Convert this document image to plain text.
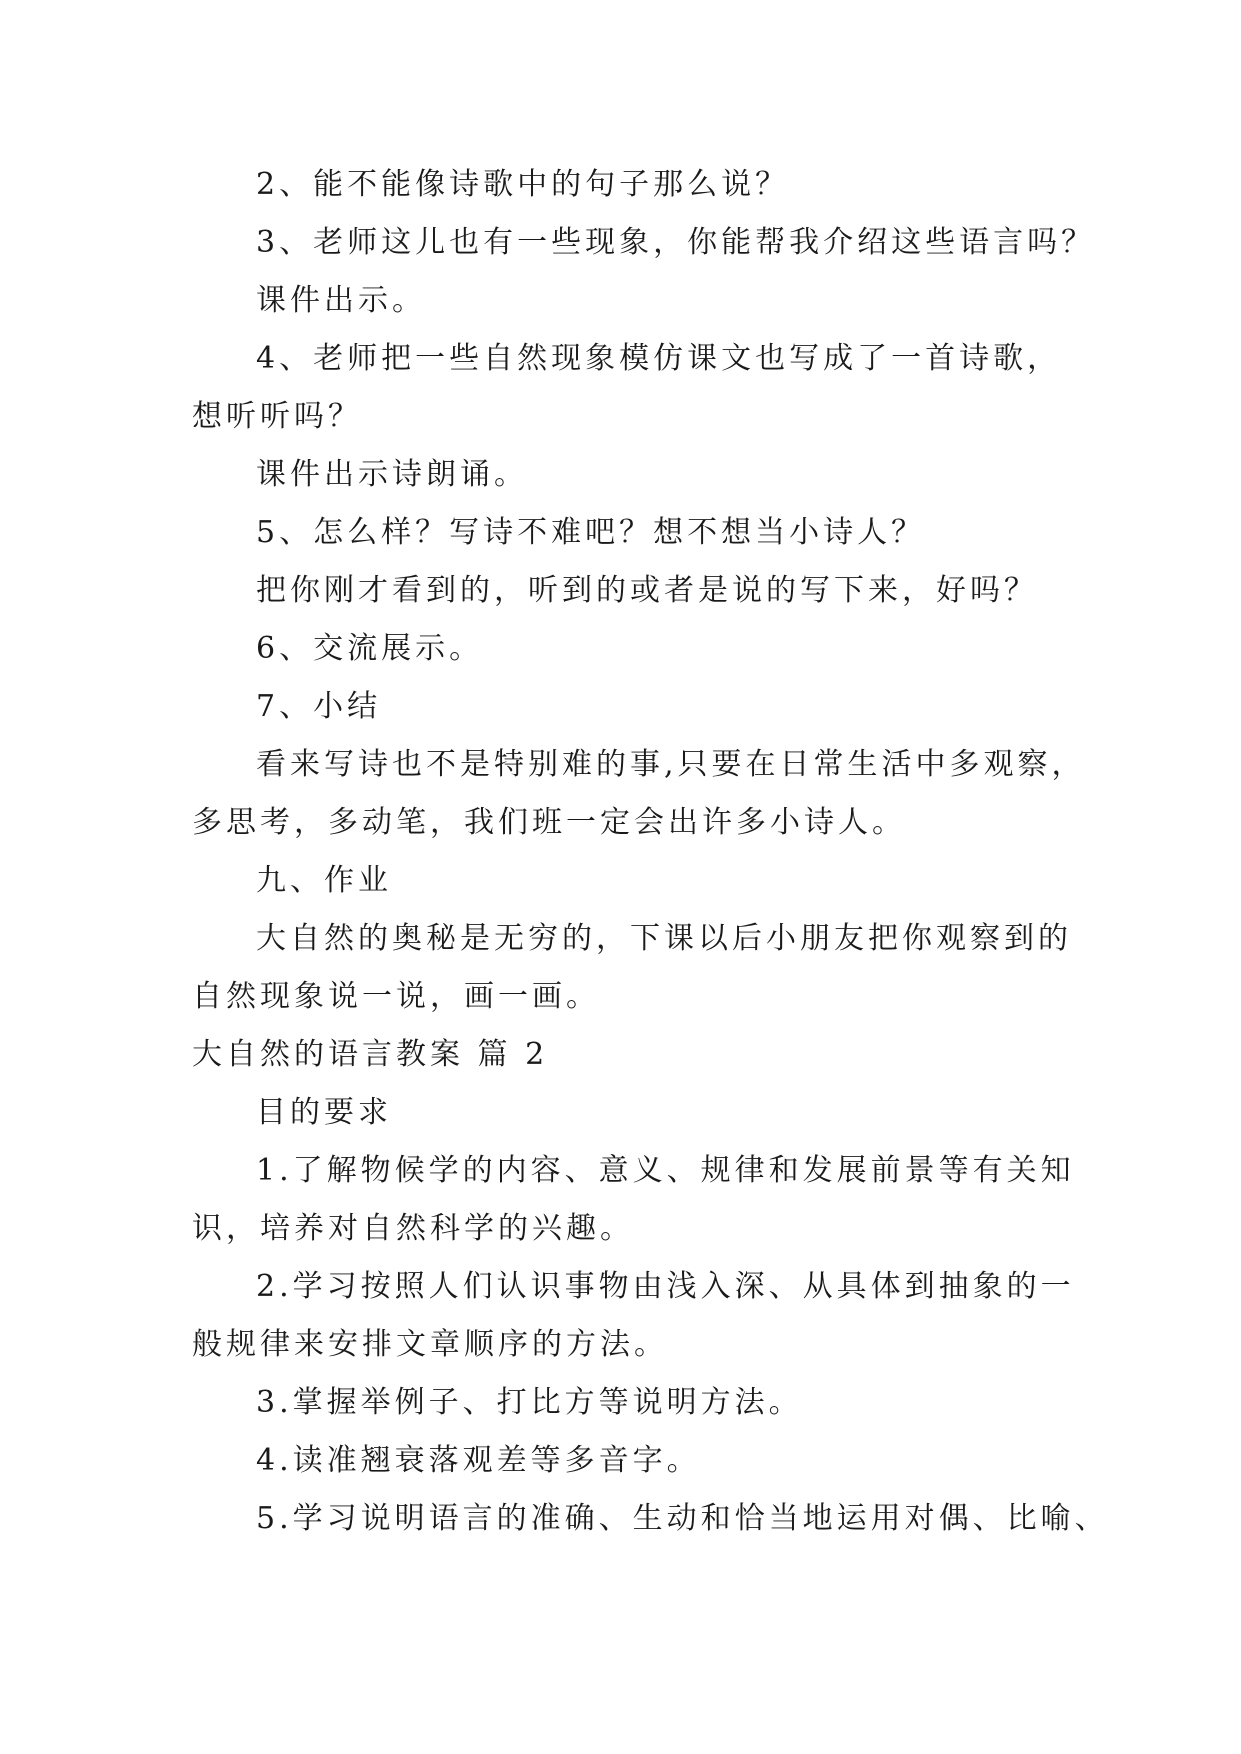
2、能不能像诗歌中的句子那么说？
3、老师这儿也有一些现象，你能帮我介绍这些语言吗？
课件出示。
4、老师把一些自然现象模仿课文也写成了一首诗歌，
想听听吗？
课件出示诗朗诵。
5、怎么样？写诗不难吧？想不想当小诗人？
把你刚才看到的，听到的或者是说的写下来，好吗？
6、交流展示。
7、小结
看来写诗也不是特别难的事,只要在日常生活中多观察，
多思考，多动笔，我们班一定会出许多小诗人。
九、作业
大自然的奥秘是无穷的，下课以后小朋友把你观察到的
自然现象说一说，画一画。
大自然的语言教案 篇 2
目的要求
1.了解物候学的内容、意义、规律和发展前景等有关知
识，培养对自然科学的兴趣。
2.学习按照人们认识事物由浅入深、从具体到抽象的一
般规律来安排文章顺序的方法。
3.掌握举例子、打比方等说明方法。
4.读准翘衰落观差等多音字。
5.学习说明语言的准确、生动和恰当地运用对偶、比喻、
